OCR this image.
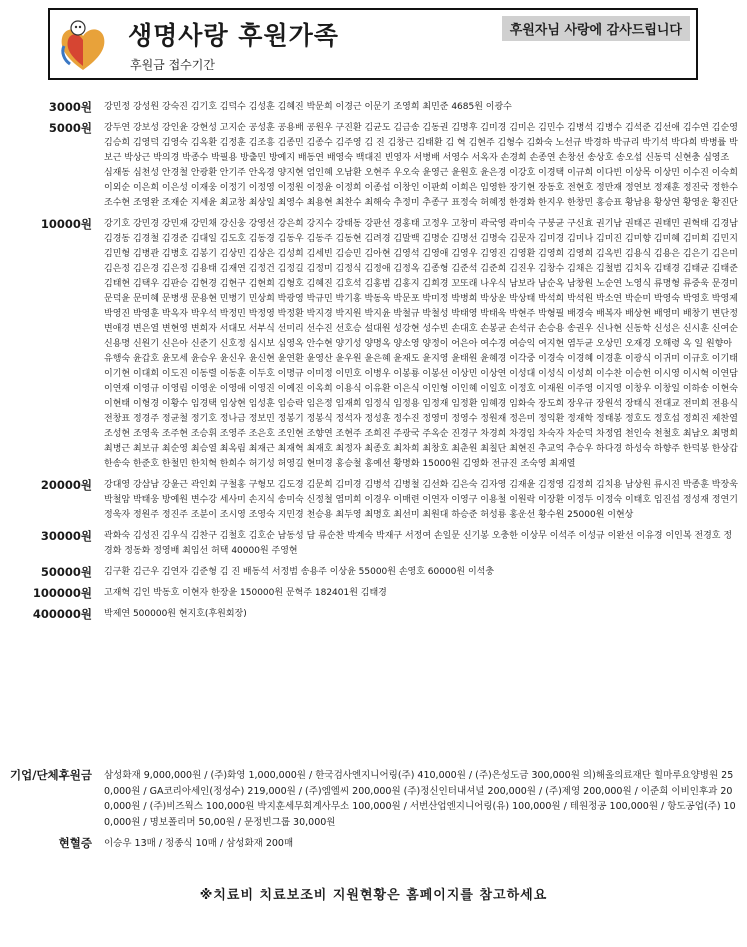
생명사랑 후원가족
후원금 접수기간
후원자님 사랑에 감사드립니다
3000원	강민정 강성원 강숙진 김기호 김덕수 김성훈 김혜진 박문희 이경근 이문기 조영희 최민준 4685원 이광수
5000원	강두연 강보성 강인윤 강현성 고지순 공성훈 공용배 공원우 구진환 김균도 김금송 김동권 김명후 김미경 김미은 김민수 김병석 김병수 김석준 김선애 김수연 김순영 김승희 김영덕 김영숙 김옥환 김정훈 김조흥 김종민 김종수 김주영 김 진 김창근 김태환 김 혁 김현주 김형수 김화숙 노선규 박경하 박규리 박기석 박다희 박병률 박보근 박상근 박의경 박종수 박필용 방출민 방예지 배동연 배영숙 백대진 빈영자 서병배 서영수 서옥자 손경희 손종연 손창선 송상호 송오섭 신동덕 신현충 심영조 심재동 심천성 안경철 안광환 안기주 안옥경 양지현 엄인혜 오남환 오현주 우오숙 윤영근 윤원호 윤은경 이강호 이경택 이규희 이다빈 이상목 이상민 이수진 이숙희 이외순 이은희 이은성 이재웅 이정기 이정영 이정원 이정윤 이정희 이종섭 이창인 이판희 이희은 임영한 장기현 장동호 전현호 정만재 정연보 정재훈 정진국 정한수 조수현 조영완 조재순 지세윤 최교창 최상일 최영수 최용현 최찬수 최해숙 추정미 추종구 표정숙 허혜정 한경화 한지우 한창민 홍승표 황남용 황상연 황영운 황진단
10000원	강기호 강민경 강민재 강민채 강신웅 강영선 강은희 강지수 강태동 강판선 경홍태 고정우 고창미 곽국영 곽미숙 구붕균 구신효 권기남 권태곤 권태민 권혁태 김경남 김경동 김경철 김경준 김대일 김도호 김동경 김동우 김동주 김동현 김려경 김말백 김명순 김명선 김명숙 김문자 김미경 김미나 김미진 김미향 김미혜 김미희 김민지 김민형 김병관 김병호 김봉기 김상민 김상은 김성희 김세빈 김승민 김아현 김영석 김영애 김영우 김영진 김영환 김영희 김영희 김옥빈 김용식 김용은 김은기 김은미 김은정 김은경 김은정 김용태 김재연 김정건 김정길 김정미 김정식 김정애 김정옥 김종형 김준석 김준희 김진우 김창수 김채은 김철범 김치옥 김태경 김태균 김태준 김태현 김택우 김판승 김현경 김현구 김현희 김형호 김혜진 김호석 김홍범 김홍지 김희경 꼬또래 나우식 남보라 남순옥 남창원 노순연 노영식 류명형 류중욱 문경미 문덕윤 문미혜 문병생 문용현 민병기 민상희 박광영 박규민 박기홍 박동욱 박문포 박미정 박병희 박상운 박상태 박석희 박석원 박소연 박순미 박영숙 박영호 박영제 박영진 박영훈 박옥자 박우석 박정민 박정영 박정환 박지경 박지원 박지윤 박철규 박철성 박태영 박태욱 박현주 박형필 배경숙 배복자 배상현 배영미 배창기 변단정 변애경 변은열 변현영 변희자 서대모 서부식 선미리 선수진 선호승 설대원 성강현 성수빈 손대호 손봉균 손석규 손승용 송권우 신나현 신동학 신성은 신시훈 신여순 신용명 신원기 신은아 신준기 신호정 심시보 심영옥 안수현 양기성 양명옥 양소영 양정이 어은아 여수경 여승익 여지현 염두균 오상민 오재경 오해령 옥 일 원향아 유행숙 윤갑호 윤모세 윤승우 윤신우 윤신현 윤연환 윤영산 윤우원 윤은혜 윤재도 윤지영 윤태원 윤혜경 이각중 이경숙 이경혜 이경훈 이광식 이귀미 이규호 이기태 이기현 이대희 이도진 이동렬 이동훈 이두호 이명규 이미정 이민호 이병우 이봉룡 이봉선 이상민 이상연 이성대 이성식 이성희 이수찬 이승헌 이시영 이시혁 이연담 이연재 이영규 이영림 이영운 이영애 이영진 이예진 이옥희 이용식 이유환 이은식 이인형 이인혜 이일호 이정호 이재원 이주영 이지영 이창우 이창일 이하송 이현숙 이현태 이형경 이황수 임경택 임상현 임성훈 임승락 임은정 임재희 임정식 임정용 임정재 임정환 임혜경 임화숙 장도희 장우규 장원석 장태식 전대교 전미희 전용식 전창표 정경주 정균철 정기호 정나금 정보민 정봉기 정봉식 정석자 정성훈 정수진 정영미 정영수 정원재 정은미 정익환 정재학 정태봉 정호도 정호섭 정희진 제찬열 조성현 조영욱 조주현 조승휘 조영주 조은호 조인현 조향연 조현주 조희진 주광국 주옥순 진경구 차경희 차경임 차숙자 차순덕 차정엽 천인숙 천철호 최남오 최명희 최병근 최보규 최순영 최승열 최옥림 최재근 최재혁 최재호 최정자 최종호 최차희 최창호 최춘원 최칠단 최현진 추교억 추승우 하다경 하성숙 하향주 한덕봉 한상갑 한송숙 한준호 한철민 한치혁 한희수 허기성 허영길 현미경 홍승철 홍예선 황명화 15000원 김영화 전규진 조숙영 최재열
20000원	강대영 강삼남 강윤근 곽인회 구철홍 구형모 김도경 김문희 김미경 김병석 김병철 김선화 김은숙 김자영 김재윤 김정영 김정희 김치용 남상원 류시진 박종훈 박장욱 박철암 박태웅 방예원 변수강 세사미 손지식 송미숙 신정철 염미희 이경우 이매련 이연자 이영구 이용철 이원락 이장환 이정두 이정숙 이태호 임진섭 정성재 정연기 정욱자 정원주 정진주 조분이 조시영 조영숙 지민경 천승용 최두영 최명호 최선미 최원대 하승준 허성룡 홍운선 황수원 25000원 이현상
30000원	곽화숙 김성진 김우식 김찬구 김철호 김호순 남동성 담 류순찬 박계숙 박재구 서정여 손일문 신기봉 오충한 이상무 이석주 이성규 이완선 이유경 이인복 전경호 정경화 정동화 정영배 최임선 허택 40000원 주영현
50000원	김구환 김근우 김연자 김준형 김 진 배동석 서정범 송용주 이상윤 55000원 손영호 60000원 이석충
100000원	고재혁 김인 박동호 이현자 한장윤 150000원 문혁주 182401원 김태경
400000원	박제연 500000원 현지호(후원회장)
기업/단체후원금	삼성화재 9,000,000원 / (주)화영 1,000,000원 / 한국검사엔지니어링(주) 410,000원 / (주)은성도금 300,000원 의)해올의료재단 힐마루요양병원 250,000원 / GA코리아세인(정성수) 219,000원 / (주)엠엘씨 200,000원 (주)정신인터내셔널 200,000원 / (주)제영 200,000원 / 이준희 이비인후과 200,000원 / (주)비즈웍스 100,000원 박지훈세무회계사무소 100,000원 / 서번산업엔지니어링(유) 100,000원 / 테원정공 100,000원 / 항도공업(주) 100,000원 / 명보폴리머 50,00원 / 문정빈그룹 30,000원
현혈증	이승우 13매 / 정종식 10매 / 삼성화재 200매
※치료비 치료보조비 지원현황은 홈페이지를 참고하세요
